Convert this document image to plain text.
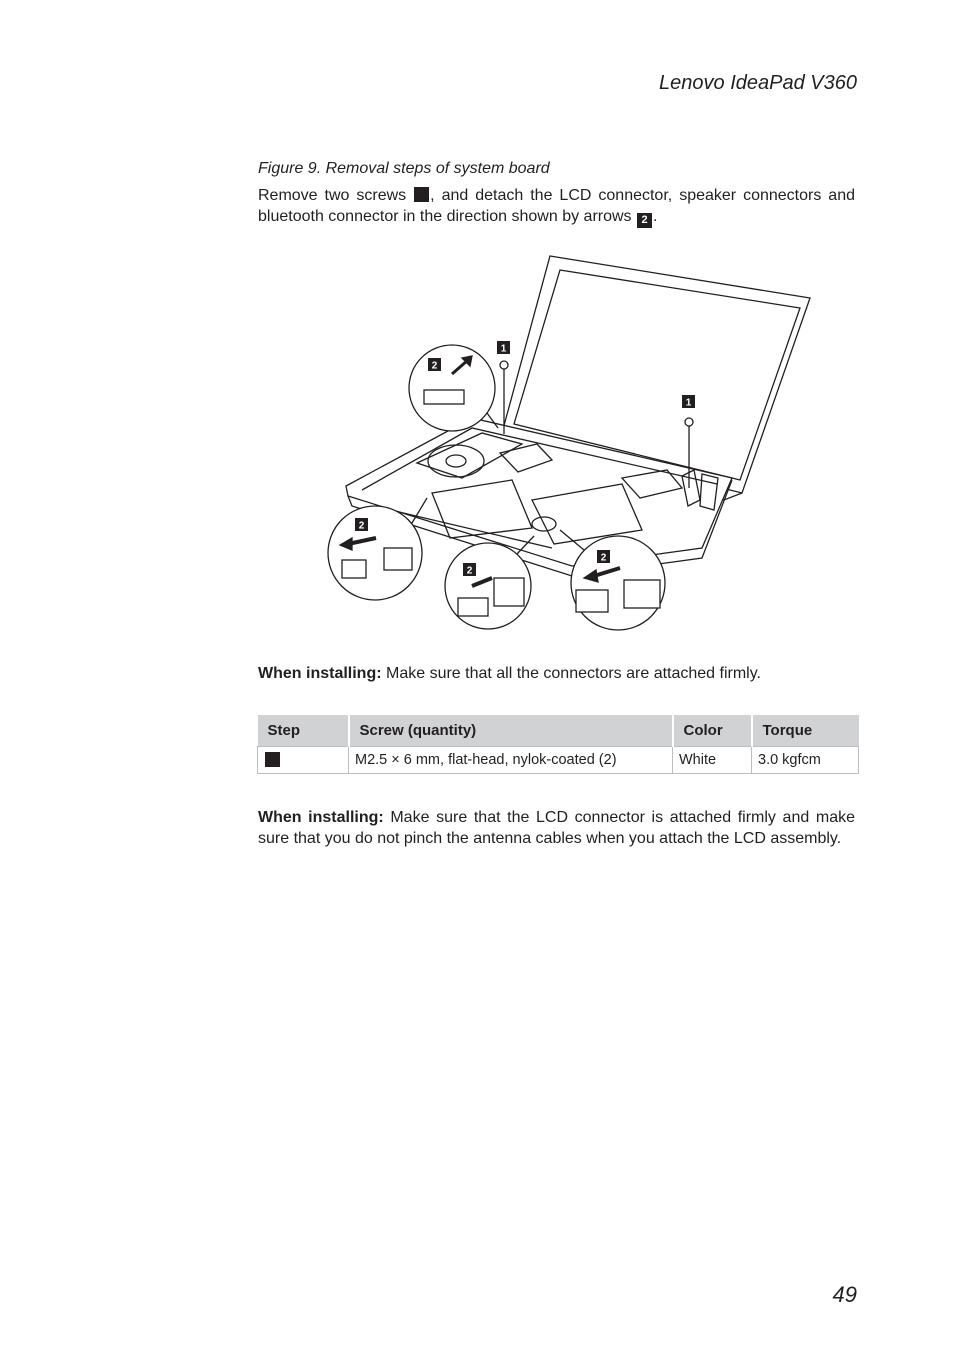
Lenovo IdeaPad V360
Figure 9. Removal steps of system board
Remove two screws , and detach the LCD connector, speaker connectors and bluetooth connector in the direction shown by arrows 2 .
1
1
2
2
2
2
When installing: Make sure that all the connectors are attached firmly.
Step	Screw (quantity)	Color	Torque
	M2.5 × 6 mm, flat-head, nylok-coated (2)	White	3.0 kgfcm
When installing: Make sure that the LCD connector is attached firmly and make sure that you do not pinch the antenna cables when you attach the LCD assembly.
49
